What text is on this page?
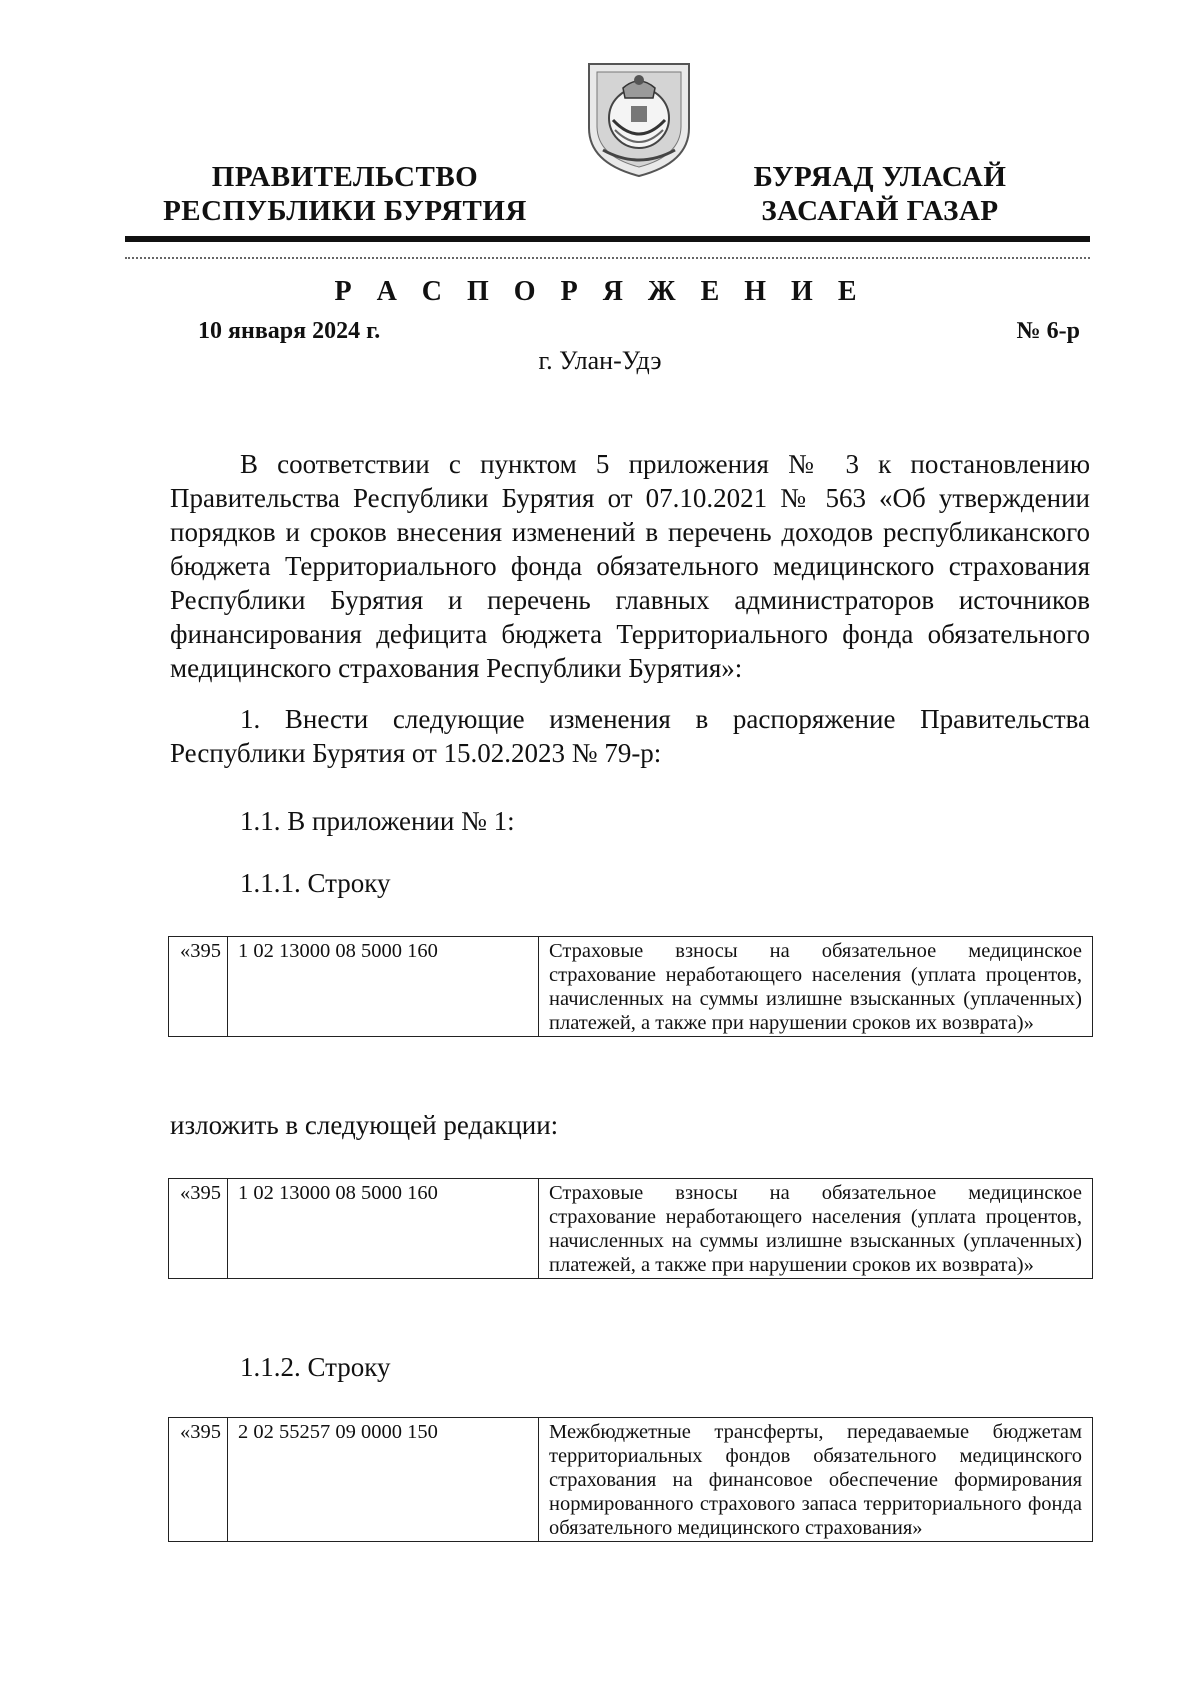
ПРАВИТЕЛЬСТВО
РЕСПУБЛИКИ БУРЯТИЯ
БУРЯАД УЛАСАЙ
ЗАСАГАЙ ГАЗАР
Р А С П О Р Я Ж Е Н И Е
10 января 2024 г.	№ 6-р
г. Улан-Удэ

В соответствии с пунктом 5 приложения № 3 к постановлению Правительства Республики Бурятия от 07.10.2021 № 563 «Об утверждении порядков и сроков внесения изменений в перечень доходов республиканского бюджета Территориального фонда обязательного медицинского страхования Республики Бурятия и перечень главных администраторов источников финансирования дефицита бюджета Территориального фонда обязательного медицинского страхования Республики Бурятия»:

1. Внести следующие изменения в распоряжение Правительства Республики Бурятия от 15.02.2023 № 79-р:

1.1. В приложении № 1:
1.1.1. Строку
«395	1 02 13000 08 5000 160	Страховые взносы на обязательное медицинское страхование неработающего населения (уплата процентов, начисленных на суммы излишне взысканных (уплаченных) платежей, а также при нарушении сроков их возврата)»
изложить в следующей редакции:
«395	1 02 13000 08 5000 160	Страховые взносы на обязательное медицинское страхование неработающего населения (уплата процентов, начисленных на суммы излишне взысканных (уплаченных) платежей, а также при нарушении сроков их возврата)»
1.1.2. Строку
«395	2 02 55257 09 0000 150	Межбюджетные трансферты, передаваемые бюджетам территориальных фондов обязательного медицинского страхования на финансовое обеспечение формирования нормированного страхового запаса территориального фонда обязательного медицинского страхования»
